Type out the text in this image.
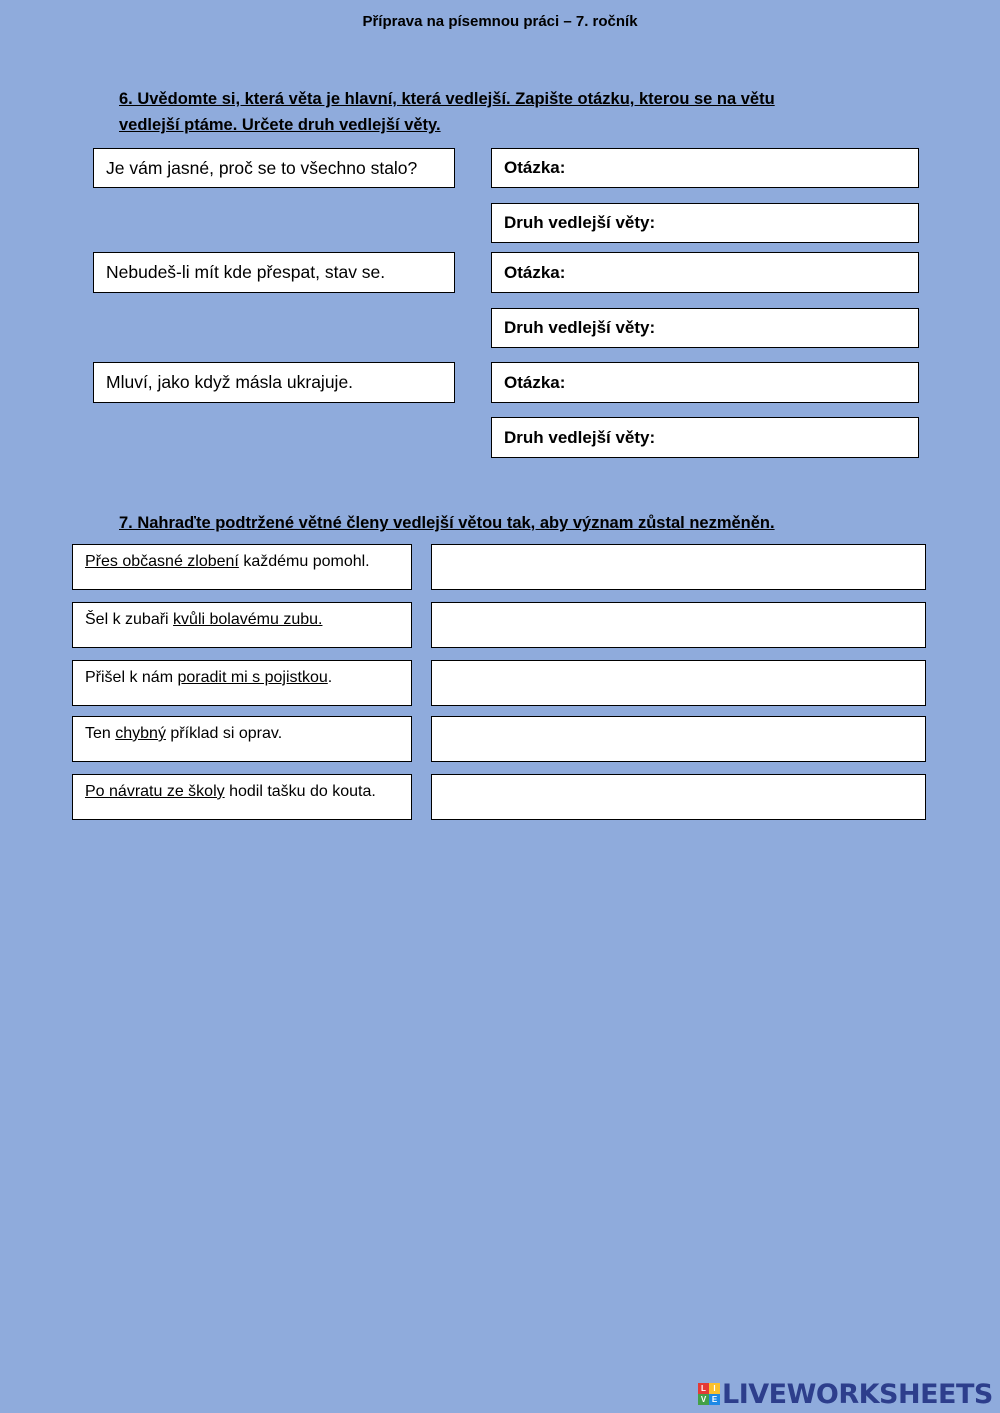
Příprava na písemnou práci – 7. ročník
6. Uvědomte si, která věta je hlavní, která vedlejší. Zapište otázku, kterou se na větu
vedlejší ptáme. Určete druh vedlejší věty.
Je vám jasné, proč se to všechno stalo?	Otázka:
Druh vedlejší věty:
Nebudeš-li mít kde přespat, stav se.	Otázka:
Druh vedlejší věty:
Mluví, jako když másla ukrajuje.	Otázka:
Druh vedlejší věty:
7. Nahraďte podtržené větné členy vedlejší větou tak, aby význam zůstal nezměněn.
Přes občasné zlobení každému pomohl.
Šel k zubaři kvůli bolavému zubu.
Přišel k nám poradit mi s pojistkou.
Ten chybný příklad si oprav.
Po návratu ze školy hodil tašku do kouta.
L I
V E LIVEWORKSHEETS
